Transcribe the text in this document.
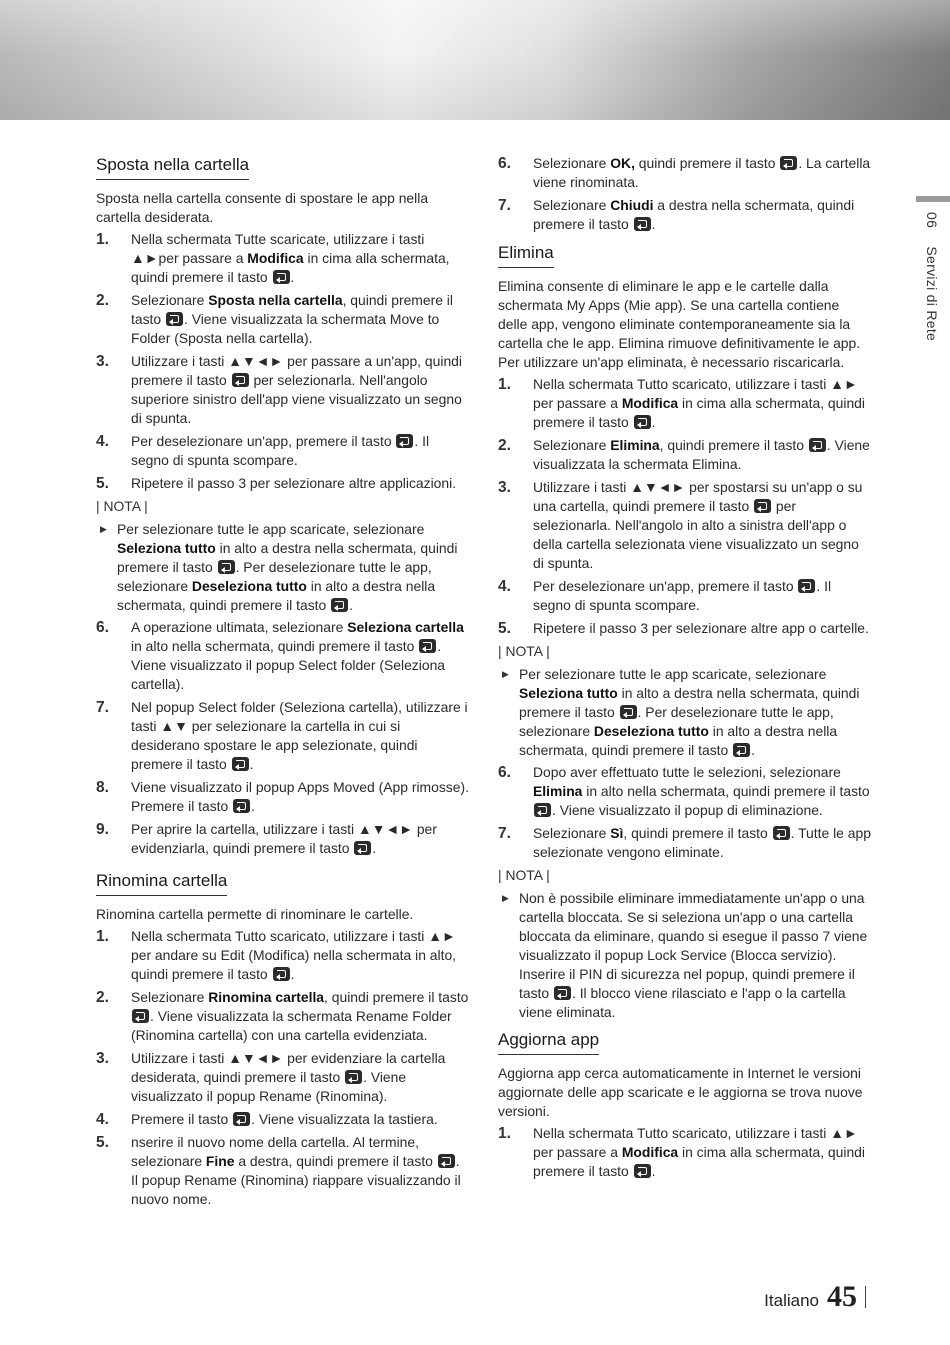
Sposta nella cartella

Sposta nella cartella consente di spostare le app nella cartella desiderata.

1. Nella schermata Tutte scaricate, utilizzare i tasti ▲►per passare a Modifica in cima alla schermata, quindi premere il tasto .
2. Selezionare Sposta nella cartella, quindi premere il tasto . Viene visualizzata la schermata Move to Folder (Sposta nella cartella).
3. Utilizzare i tasti ▲▼◄► per passare a un'app, quindi premere il tasto  per selezionarla. Nell'angolo superiore sinistro dell'app viene visualizzato un segno di spunta.
4. Per deselezionare un'app, premere il tasto . Il segno di spunta scompare.
5. Ripetere il passo 3 per selezionare altre applicazioni.
| NOTA |
▶ Per selezionare tutte le app scaricate, selezionare Seleziona tutto in alto a destra nella schermata, quindi premere il tasto . Per deselezionare tutte le app, selezionare Deseleziona tutto in alto a destra nella schermata, quindi premere il tasto .
6. A operazione ultimata, selezionare Seleziona cartella in alto nella schermata, quindi premere il tasto . Viene visualizzato il popup Select folder (Seleziona cartella).
7. Nel popup Select folder (Seleziona cartella), utilizzare i tasti ▲▼ per selezionare la cartella in cui si desiderano spostare le app selezionate, quindi premere il tasto .
8. Viene visualizzato il popup Apps Moved (App rimosse). Premere il tasto .
9. Per aprire la cartella, utilizzare i tasti ▲▼◄► per evidenziarla, quindi premere il tasto .
Rinomina cartella

Rinomina cartella permette di rinominare le cartelle.

1. Nella schermata Tutto scaricato, utilizzare i tasti ▲► per andare su Edit (Modifica) nella schermata in alto, quindi premere il tasto .
2. Selezionare Rinomina cartella, quindi premere il tasto . Viene visualizzata la schermata Rename Folder (Rinomina cartella) con una cartella evidenziata.
3. Utilizzare i tasti ▲▼◄► per evidenziare la cartella desiderata, quindi premere il tasto . Viene visualizzato il popup Rename (Rinomina).
4. Premere il tasto . Viene visualizzata la tastiera.
5. nserire il nuovo nome della cartella. Al termine, selezionare Fine a destra, quindi premere il tasto . Il popup Rename (Rinomina) riappare visualizzando il nuovo nome.
6. Selezionare OK, quindi premere il tasto . La cartella viene rinominata.
7. Selezionare Chiudi a destra nella schermata, quindi premere il tasto .
Elimina

Elimina consente di eliminare le app e le cartelle dalla schermata My Apps (Mie app). Se una cartella contiene delle app, vengono eliminate contemporaneamente sia la cartella che le app. Elimina rimuove definitivamente le app. Per utilizzare un'app eliminata, è necessario riscaricarla.

1. Nella schermata Tutto scaricato, utilizzare i tasti ▲► per passare a Modifica in cima alla schermata, quindi premere il tasto .
2. Selezionare Elimina, quindi premere il tasto . Viene visualizzata la schermata Elimina.
3. Utilizzare i tasti ▲▼◄► per spostarsi su un'app o su una cartella, quindi premere il tasto  per selezionarla. Nell'angolo in alto a sinistra dell'app o della cartella selezionata viene visualizzato un segno di spunta.
4. Per deselezionare un'app, premere il tasto . Il segno di spunta scompare.
5. Ripetere il passo 3 per selezionare altre app o cartelle.
| NOTA |
▶ Per selezionare tutte le app scaricate, selezionare Seleziona tutto in alto a destra nella schermata, quindi premere il tasto . Per deselezionare tutte le app, selezionare Deseleziona tutto in alto a destra nella schermata, quindi premere il tasto .
6. Dopo aver effettuato tutte le selezioni, selezionare Elimina in alto nella schermata, quindi premere il tasto . Viene visualizzato il popup di eliminazione.
7. Selezionare Sì, quindi premere il tasto . Tutte le app selezionate vengono eliminate.
| NOTA |
▶ Non è possibile eliminare immediatamente un'app o una cartella bloccata. Se si seleziona un'app o una cartella bloccata da eliminare, quando si esegue il passo 7 viene visualizzato il popup Lock Service (Blocca servizio). Inserire il PIN di sicurezza nel popup, quindi premere il tasto . Il blocco viene rilasciato e l'app o la cartella viene eliminata.
Aggiorna app

Aggiorna app cerca automaticamente in Internet le versioni aggiornate delle app scaricate e le aggiorna se trova nuove versioni.

1. Nella schermata Tutto scaricato, utilizzare i tasti ▲► per passare a Modifica in cima alla schermata, quindi premere il tasto .
06 Servizi di Rete
Italiano 45
